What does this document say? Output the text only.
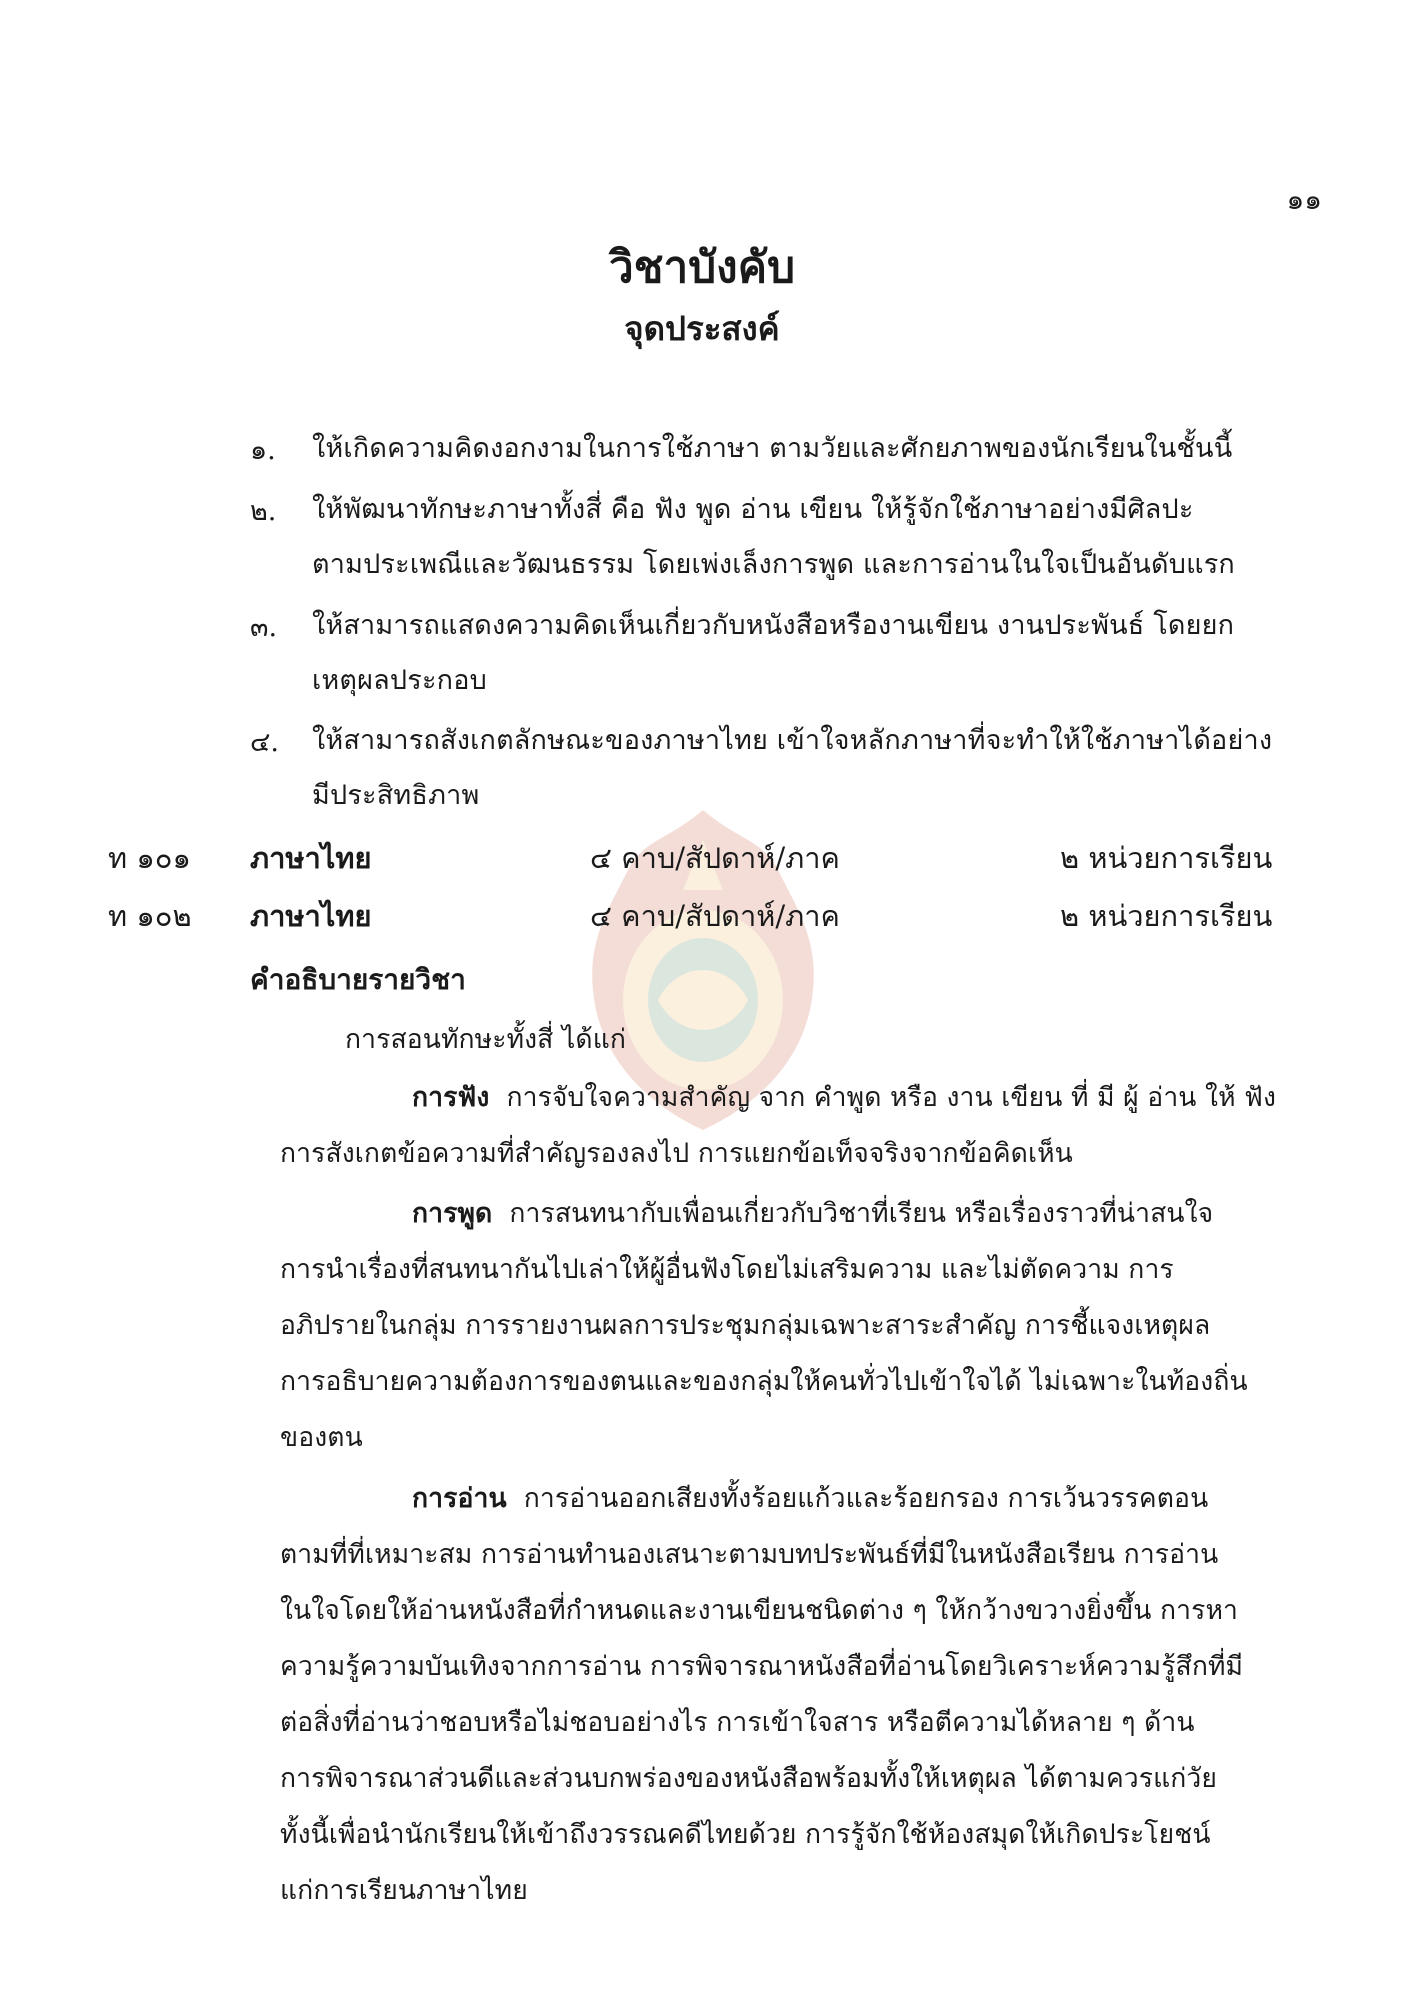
๑๑
วิชาบังคับ
จุดประสงค์
๑. ให้เกิดความคิดงอกงามในการใช้ภาษา ตามวัยและศักยภาพของนักเรียนในชั้นนี้
๒. ให้พัฒนาทักษะภาษาทั้งสี่ คือ ฟัง พูด อ่าน เขียน ให้รู้จักใช้ภาษาอย่างมีศิลปะ
ตามประเพณีและวัฒนธรรม โดยเพ่งเล็งการพูด และการอ่านในใจเป็นอันดับแรก
๓. ให้สามารถแสดงความคิดเห็นเกี่ยวกับหนังสือหรืองานเขียน งานประพันธ์ โดยยก
เหตุผลประกอบ
๔. ให้สามารถสังเกตลักษณะของภาษาไทย เข้าใจหลักภาษาที่จะทำให้ใช้ภาษาได้อย่าง
มีประสิทธิภาพ
ท ๑๐๑ ภาษาไทย	๔ คาบ/สัปดาห์/ภาค	๒ หน่วยการเรียน
ท ๑๐๒ ภาษาไทย	๔ คาบ/สัปดาห์/ภาค	๒ หน่วยการเรียน
คำอธิบายรายวิชา
การสอนทักษะทั้งสี่ ได้แก่
การฟัง การจับใจความสำคัญ จาก คำพูด หรือ งาน เขียน ที่ มี ผู้ อ่าน ให้ ฟัง
การสังเกตข้อความที่สำคัญรองลงไป การแยกข้อเท็จจริงจากข้อคิดเห็น
การพูด การสนทนากับเพื่อนเกี่ยวกับวิชาที่เรียน หรือเรื่องราวที่น่าสนใจ
การนำเรื่องที่สนทนากันไปเล่าให้ผู้อื่นฟังโดยไม่เสริมความ และไม่ตัดความ การ
อภิปรายในกลุ่ม การรายงานผลการประชุมกลุ่มเฉพาะสาระสำคัญ การชี้แจงเหตุผล
การอธิบายความต้องการของตนและของกลุ่มให้คนทั่วไปเข้าใจได้ ไม่เฉพาะในท้องถิ่น
ของตน
การอ่าน การอ่านออกเสียงทั้งร้อยแก้วและร้อยกรอง การเว้นวรรคตอน
ตามที่ที่เหมาะสม การอ่านทำนองเสนาะตามบทประพันธ์ที่มีในหนังสือเรียน การอ่าน
ในใจโดยให้อ่านหนังสือที่กำหนดและงานเขียนชนิดต่าง ๆ ให้กว้างขวางยิ่งขึ้น การหา
ความรู้ความบันเทิงจากการอ่าน การพิจารณาหนังสือที่อ่านโดยวิเคราะห์ความรู้สึกที่มี
ต่อสิ่งที่อ่านว่าชอบหรือไม่ชอบอย่างไร การเข้าใจสาร หรือตีความได้หลาย ๆ ด้าน
การพิจารณาส่วนดีและส่วนบกพร่องของหนังสือพร้อมทั้งให้เหตุผล ได้ตามควรแก่วัย
ทั้งนี้เพื่อนำนักเรียนให้เข้าถึงวรรณคดีไทยด้วย การรู้จักใช้ห้องสมุดให้เกิดประโยชน์
แก่การเรียนภาษาไทย
